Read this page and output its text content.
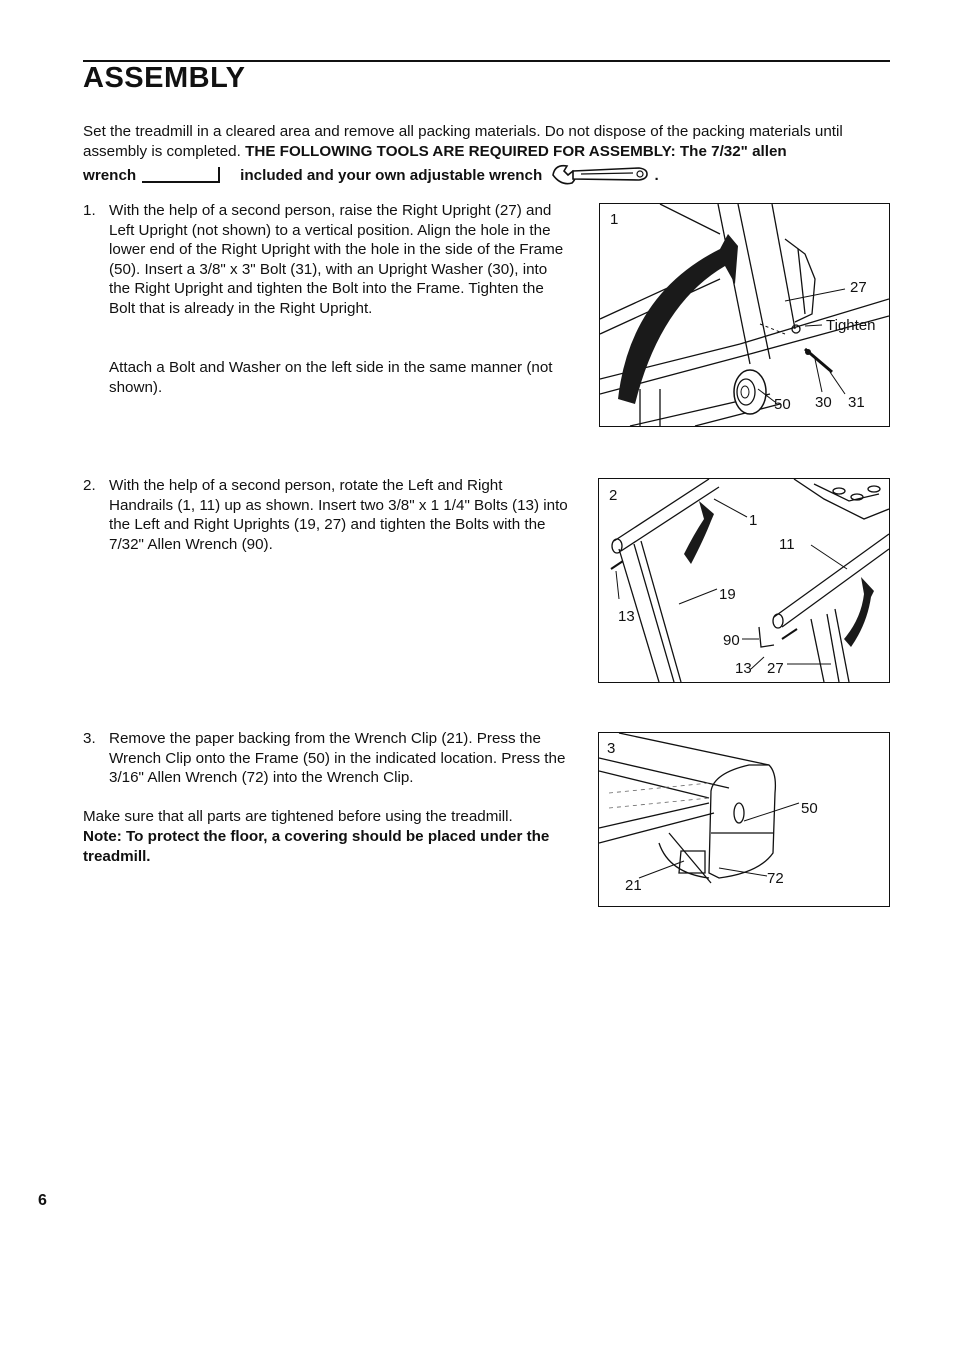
ASSEMBLY
Set the treadmill in a cleared area and remove all packing materials. Do not dispose of the packing materials until assembly is completed. THE FOLLOWING TOOLS ARE REQUIRED FOR ASSEMBLY: The 7/32" allen
wrench	included and your own adjustable wrench	.
1. With the help of a second person, raise the Right Upright (27) and Left Upright (not shown) to a vertical position. Align the hole in the lower end of the Right Upright with the hole in the side of the Frame (50). Insert a 3/8" x 3" Bolt (31), with an Upright Washer (30), into the Right Upright and tighten the Bolt into the Frame. Tighten the Bolt that is already in the Right Upright.
Attach a Bolt and Washer on the left side in the same manner (not shown).
1
27
Tighten
50 30 31
2. With the help of a second person, rotate the Left and Right Handrails (1, 11) up as shown. Insert two 3/8" x 1 1/4" Bolts (13) into the Left and Right Uprights (19, 27) and tighten the Bolts with the 7/32" Allen Wrench (90).
2
1
11
19
13
90
13 27
3. Remove the paper backing from the Wrench Clip (21). Press the Wrench Clip onto the Frame (50) in the indicated location. Press the 3/16" Allen Wrench (72) into the Wrench Clip.
Make sure that all parts are tightened before using the treadmill.
Note: To protect the floor, a covering should be placed under the treadmill.
3
50
21	72
6
